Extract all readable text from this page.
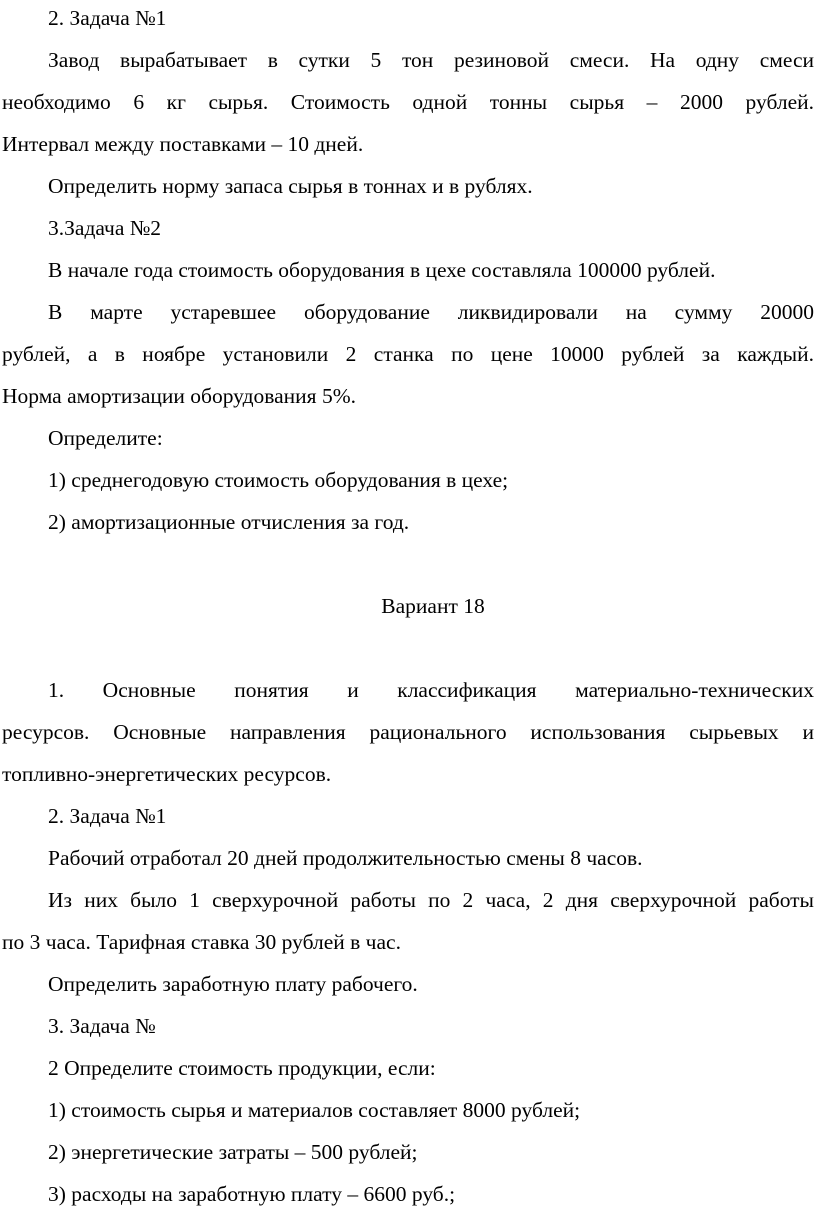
2. Задача №1
Завод вырабатывает в сутки 5 тон резиновой смеси. На одну смеси
необходимо 6 кг сырья. Стоимость одной тонны сырья – 2000 рублей.
Интервал между поставками – 10 дней.
Определить норму запаса сырья в тоннах и в рублях.
3.Задача №2
В начале года стоимость оборудования в цехе составляла 100000 рублей.
В марте устаревшее оборудование ликвидировали на сумму 20000
рублей, а в ноябре установили 2 станка по цене 10000 рублей за каждый.
Норма амортизации оборудования 5%.
Определите:
1) среднегодовую стоимость оборудования в цехе;
2) амортизационные отчисления за год.
Вариант 18
1. Основные понятия и классификация материально-технических
ресурсов. Основные направления рационального использования сырьевых и
топливно-энергетических ресурсов.
2. Задача №1
Рабочий отработал 20 дней продолжительностью смены 8 часов.
Из них было 1 сверхурочной работы по 2 часа, 2 дня сверхурочной работы
по 3 часа. Тарифная ставка 30 рублей в час.
Определить заработную плату рабочего.
3. Задача №
2 Определите стоимость продукции, если:
1) стоимость сырья и материалов составляет 8000 рублей;
2) энергетические затраты – 500 рублей;
3) расходы на заработную плату – 6600 руб.;
